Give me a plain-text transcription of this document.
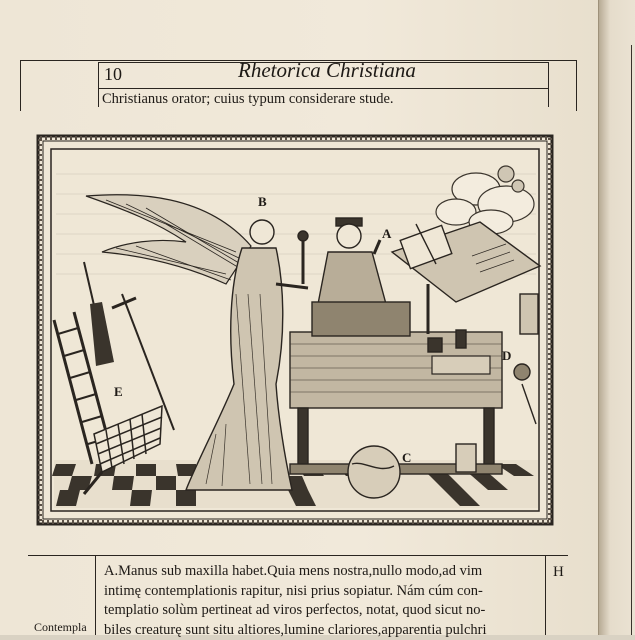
10	Rhetorica Christiana
Christianus orator; cuius typum considerare stude.
B
A
C
D
E
A.Manus sub maxilla habet.Quia mens nostra,nullo modo,ad vim
intimę contemplationis rapitur, nisi prius sopiatur. Nám cúm con-
templatio solùm pertineat ad viros perfectos, notat, quod sicut no-
biles creaturę sunt situ altiores,lumine clariores,apparentia pulchri
Contempla
H
